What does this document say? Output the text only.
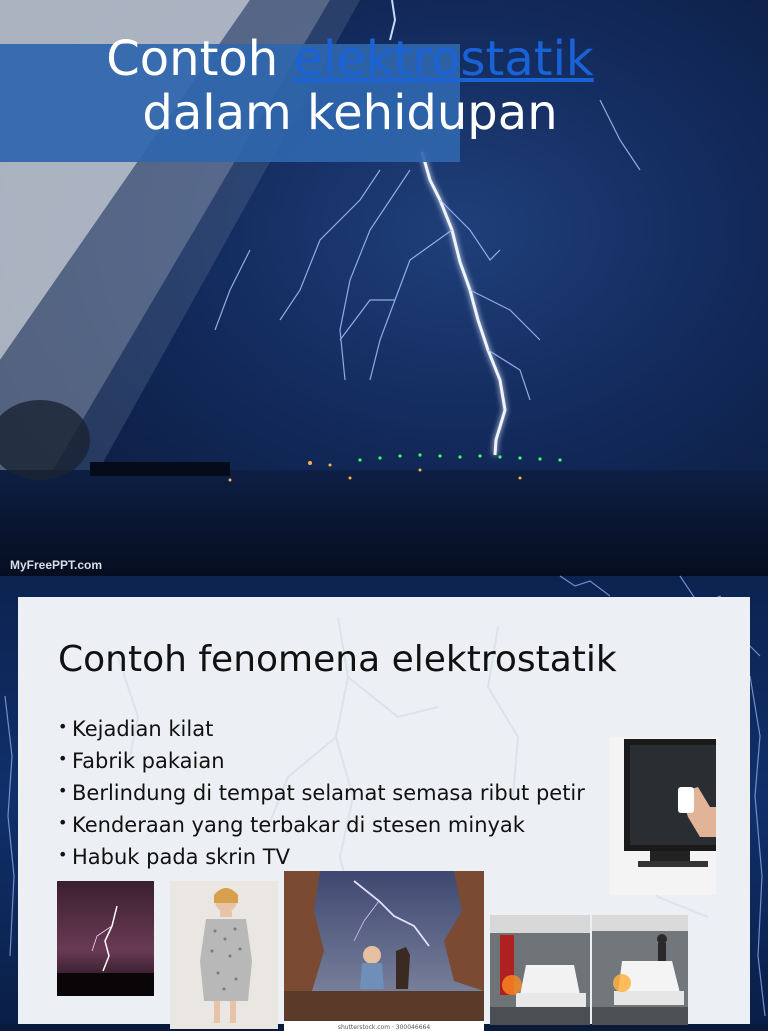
Contoh elektrostatik
dalam kehidupan
MyFreePPT.com
Contoh fenomena elektrostatik
• Kejadian kilat
• Fabrik pakaian
• Berlindung di tempat selamat semasa ribut petir
• Kenderaan yang terbakar di stesen minyak
• Habuk pada skrin TV
shutterstock.com · 300046664
